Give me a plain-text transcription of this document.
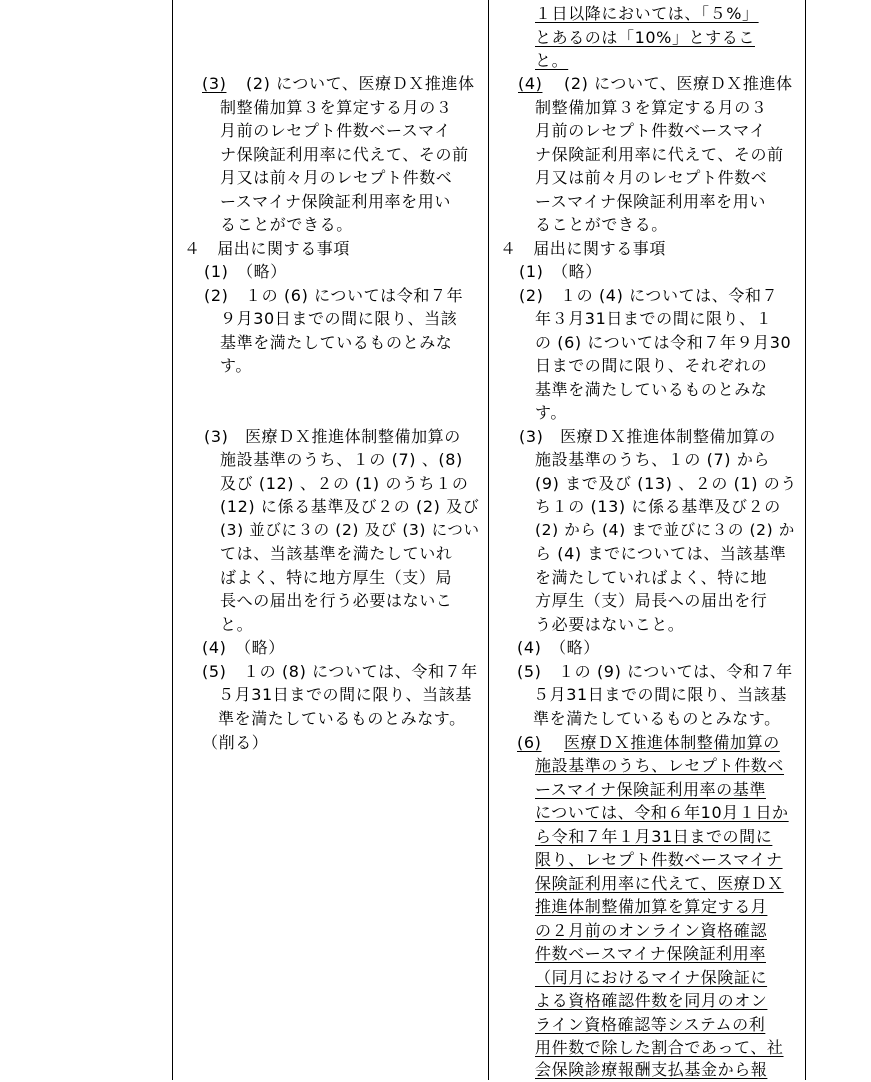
(3) (2) について、医療ＤＸ推進体
制整備加算３を算定する月の３
月前のレセプト件数ベースマイ
ナ保険証利用率に代えて、その前
月又は前々月のレセプト件数ベ
ースマイナ保険証利用率を用い
ることができる。
４　届出に関する事項
(1)　（略）
(2)　１の (6) については令和７年
９月30日までの間に限り、当該
基準を満たしているものとみな
す。
(3)　医療ＤＸ推進体制整備加算の
施設基準のうち、１の (7) 、(8)
及び (12) 、２の (1) のうち１の
(12) に係る基準及び２の (2) 及び
(3) 並びに３の (2) 及び (3) につい
ては、当該基準を満たしていれ
ばよく、特に地方厚生（支）局
長への届出を行う必要はないこ
と。
(4)　（略）
(5)　１の (8) については、令和７年
５月31日までの間に限り、当該基
準を満たしているものとみなす。
（削る）
１日以降においては、「５%」
とあるのは「10%」とするこ
と。
(4) (2) について、医療ＤＸ推進体
制整備加算３を算定する月の３
月前のレセプト件数ベースマイ
ナ保険証利用率に代えて、その前
月又は前々月のレセプト件数ベ
ースマイナ保険証利用率を用い
ることができる。
４　届出に関する事項
(1)　（略）
(2)　１の (4) については、令和７
年３月31日までの間に限り、１
の (6) については令和７年９月30
日までの間に限り、それぞれの
基準を満たしているものとみな
す。
(3)　医療ＤＸ推進体制整備加算の
施設基準のうち、１の (7) から
(9) まで及び (13) 、２の (1) のう
ち１の (13) に係る基準及び２の
(2) から (4) まで並びに３の (2) か
ら (4) までについては、当該基準
を満たしていればよく、特に地
方厚生（支）局長への届出を行
う必要はないこと。
(4)　（略）
(5)　１の (9) については、令和７年
５月31日までの間に限り、当該基
準を満たしているものとみなす。
(6) 医療ＤＸ推進体制整備加算の
施設基準のうち、レセプト件数ベ
ースマイナ保険証利用率の基準
については、令和６年10月１日か
ら令和７年１月31日までの間に
限り、レセプト件数ベースマイナ
保険証利用率に代えて、医療ＤＸ
推進体制整備加算を算定する月
の２月前のオンライン資格確認
件数ベースマイナ保険証利用率
（同月におけるマイナ保険証に
よる資格確認件数を同月のオン
ライン資格確認等システムの利
用件数で除した割合であって、社
会保険診療報酬支払基金から報
